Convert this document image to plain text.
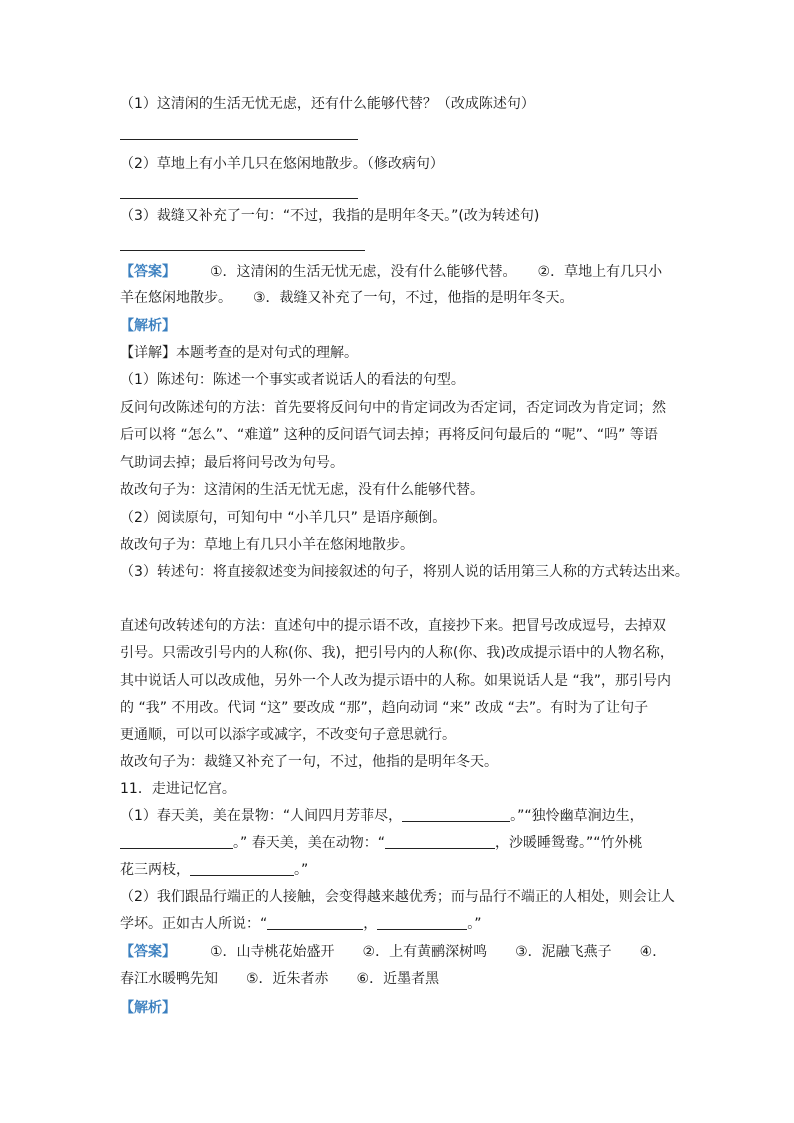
（1）这清闲的生活无忧无虑，还有什么能够代替？（改成陈述句）
（2）草地上有小羊几只在悠闲地散步。（修改病句）
（3）裁缝又补充了一句：“不过，我指的是明年冬天。”(改为转述句)
【答案】 ①．这清闲的生活无忧无虑，没有什么能够代替。　　②．草地上有几只小
羊在悠闲地散步。　　③．裁缝又补充了一句，不过，他指的是明年冬天。
【解析】
【详解】本题考查的是对句式的理解。
（1）陈述句：陈述一个事实或者说话人的看法的句型。
反问句改陈述句的方法：首先要将反问句中的肯定词改为否定词，否定词改为肯定词；然
后可以将 “怎么”、“难道” 这种的反问语气词去掉；再将反问句最后的 “呢”、“吗” 等语
气助词去掉；最后将问号改为句号。
故改句子为：这清闲的生活无忧无虑，没有什么能够代替。
（2）阅读原句，可知句中 “小羊几只” 是语序颠倒。
故改句子为：草地上有几只小羊在悠闲地散步。
（3）转述句：将直接叙述变为间接叙述的句子，将别人说的话用第三人称的方式转达出来。
直述句改转述句的方法：直述句中的提示语不改，直接抄下来。把冒号改成逗号，去掉双
引号。只需改引号内的人称(你、我)，把引号内的人称(你、我)改成提示语中的人物名称，
其中说话人可以改成他，另外一个人改为提示语中的人称。如果说话人是 “我”，那引号内
的 “我” 不用改。代词 “这” 要改成 “那”，趋向动词 “来” 改成 “去”。有时为了让句子
更通顺，可以可以添字或减字，不改变句子意思就行。
故改句子为：裁缝又补充了一句，不过，他指的是明年冬天。
11．走进记忆宫。
（1）春天美，美在景物：“人间四月芳菲尽，	。”“独怜幽草涧边生，
。” 春天美，美在动物：“	，沙暖睡鸳鸯。”“竹外桃
花三两枝，	。”
（2）我们跟品行端正的人接触，会变得越来越优秀；而与品行不端正的人相处，则会让人
学坏。正如古人所说：“	，	。”
【答案】 ①．山寺桃花始盛开　　②．上有黄鹂深树鸣　　③．泥融飞燕子　　④．
春江水暖鸭先知　　⑤．近朱者赤　　⑥．近墨者黑
【解析】
